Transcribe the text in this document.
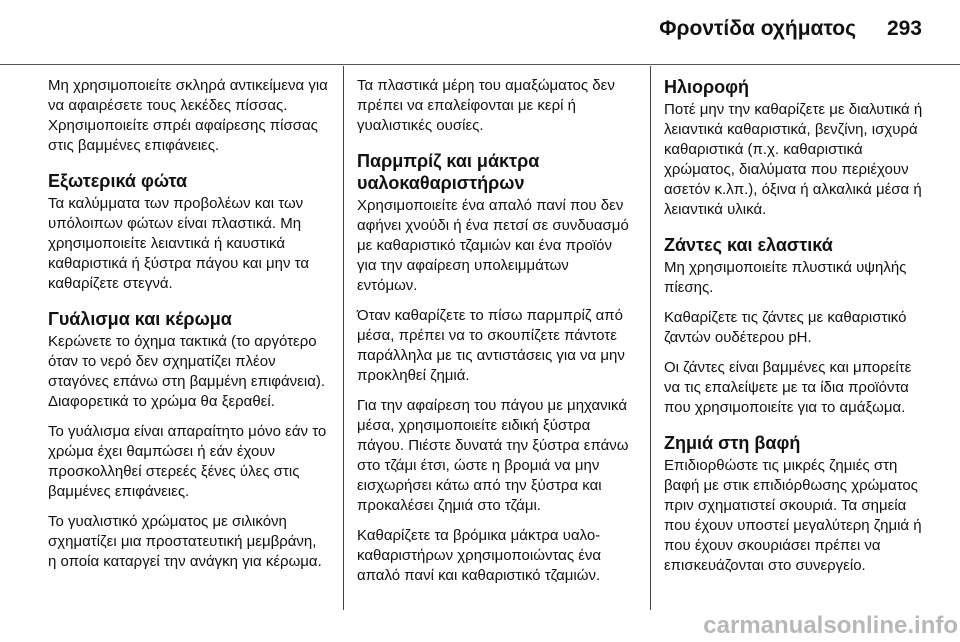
Φροντίδα οχήματος 293

Μη χρησιμοποιείτε σκληρά αντικείμενα για να αφαιρέσετε τους λεκέδες πίσσας. Χρησιμοποιείτε σπρέι αφαίρεσης πίσσας στις βαμμένες επιφάνειες.

Εξωτερικά φώτα

Τα καλύμματα των προβολέων και των υπόλοιπων φώτων είναι πλαστικά. Μη χρησιμοποιείτε λειαντικά ή καυστικά καθαριστικά ή ξύστρα πάγου και μην τα καθαρίζετε στεγνά.

Γυάλισμα και κέρωμα

Κερώνετε το όχημα τακτικά (το αργότερο όταν το νερό δεν σχηματίζει πλέον σταγόνες επάνω στη βαμμένη επιφάνεια). Διαφορετικά το χρώμα θα ξεραθεί.

Το γυάλισμα είναι απαραίτητο μόνο εάν το χρώμα έχει θαμπώσει ή εάν έχουν προσκολληθεί στερεές ξένες ύλες στις βαμμένες επιφάνειες.

Το γυαλιστικό χρώματος με σιλικόνη σχηματίζει μια προστατευτική μεμβράνη, η οποία καταργεί την ανάγκη για κέρωμα.

Τα πλαστικά μέρη του αμαξώματος δεν πρέπει να επαλείφονται με κερί ή γυαλιστικές ουσίες.

Παρμπρίζ και μάκτρα υαλοκαθαριστήρων

Χρησιμοποιείτε ένα απαλό πανί που δεν αφήνει χνούδι ή ένα πετσί σε συνδυασμό με καθαριστικό τζαμιών και ένα προϊόν για την αφαίρεση υπολειμμάτων εντόμων.

Όταν καθαρίζετε το πίσω παρμπρίζ από μέσα, πρέπει να το σκουπίζετε πάντοτε παράλληλα με τις αντιστάσεις για να μην προκληθεί ζημιά.

Για την αφαίρεση του πάγου με μηχανικά μέσα, χρησιμοποιείτε ειδική ξύστρα πάγου. Πιέστε δυνατά την ξύστρα επάνω στο τζάμι έτσι, ώστε η βρομιά να μην εισχωρήσει κάτω από την ξύστρα και προκαλέσει ζημιά στο τζάμι.

Καθαρίζετε τα βρόμικα μάκτρα υαλοκαθαριστήρων χρησιμοποιώντας ένα απαλό πανί και καθαριστικό τζαμιών.

Ηλιοροφή

Ποτέ μην την καθαρίζετε με διαλυτικά ή λειαντικά καθαριστικά, βενζίνη, ισχυρά καθαριστικά (π.χ. καθαριστικά χρώματος, διαλύματα που περιέχουν ασετόν κ.λπ.), όξινα ή αλκαλικά μέσα ή λειαντικά υλικά.

Ζάντες και ελαστικά

Μη χρησιμοποιείτε πλυστικά υψηλής πίεσης.

Καθαρίζετε τις ζάντες με καθαριστικό ζαντών ουδέτερου pH.

Οι ζάντες είναι βαμμένες και μπορείτε να τις επαλείψετε με τα ίδια προϊόντα που χρησιμοποιείτε για το αμάξωμα.

Ζημιά στη βαφή

Επιδιορθώστε τις μικρές ζημιές στη βαφή με στικ επιδιόρθωσης χρώματος πριν σχηματιστεί σκουριά. Τα σημεία που έχουν υποστεί μεγαλύτερη ζημιά ή που έχουν σκουριάσει πρέπει να επισκευάζονται στο συνεργείο.

carmanualsonline.info
